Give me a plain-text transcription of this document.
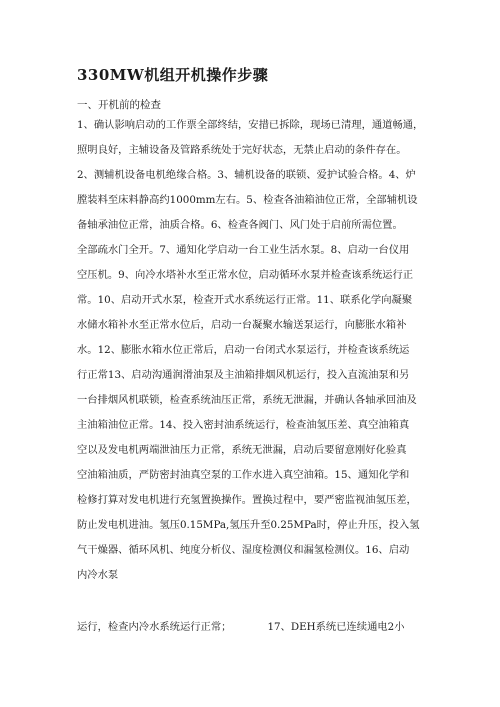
330MW机组开机操作步骤
一、开机前的检查
1、确认影响启动的工作票全部终结，安措已拆除，现场已清理，通道畅通，
照明良好，主辅设备及管路系统处于完好状态，无禁止启动的条件存在。
2、测辅机设备电机绝缘合格。3、辅机设备的联锁、爱护试验合格。4、炉
膛装料至床料静高约1000mm左右。5、检查各油箱油位正常，全部辅机设
备轴承油位正常，油质合格。6、检查各阀门、风门处于启前所需位置。
全部疏水门全开。7、通知化学启动一台工业生活水泵。8、启动一台仪用
空压机。9、向冷水塔补水至正常水位，启动循环水泵并检查该系统运行正
常。10、启动开式水泵，检查开式水系统运行正常。11、联系化学向凝聚
水储水箱补水至正常水位后，启动一台凝聚水输送泵运行，向膨胀水箱补
水。12、膨胀水箱水位正常后，启动一台闭式水泵运行，并检查该系统运
行正常13、启动沟通润滑油泵及主油箱排烟风机运行，投入直流油泵和另
一台排烟风机联锁，检查系统油压正常，系统无泄漏，并确认各轴承回油及
主油箱油位正常。14、投入密封油系统运行，检查油氢压差、真空油箱真
空以及发电机两端泄油压力正常，系统无泄漏，启动后要留意刚好化验真
空油箱油质，严防密封油真空泵的工作水进入真空油箱。15、通知化学和
检修打算对发电机进行充氢置换操作。置换过程中，要严密监视油氢压差，
防止发电机进油。氢压0.15MPa,氢压升至0.25MPa时，停止升压，投入氢
气干燥器、循环风机、纯度分析仪、湿度检测仪和漏氢检测仪。16、启动
内冷水泵
运行，检查内冷水系统运行正常；	17、DEH系统已连续通电2小
